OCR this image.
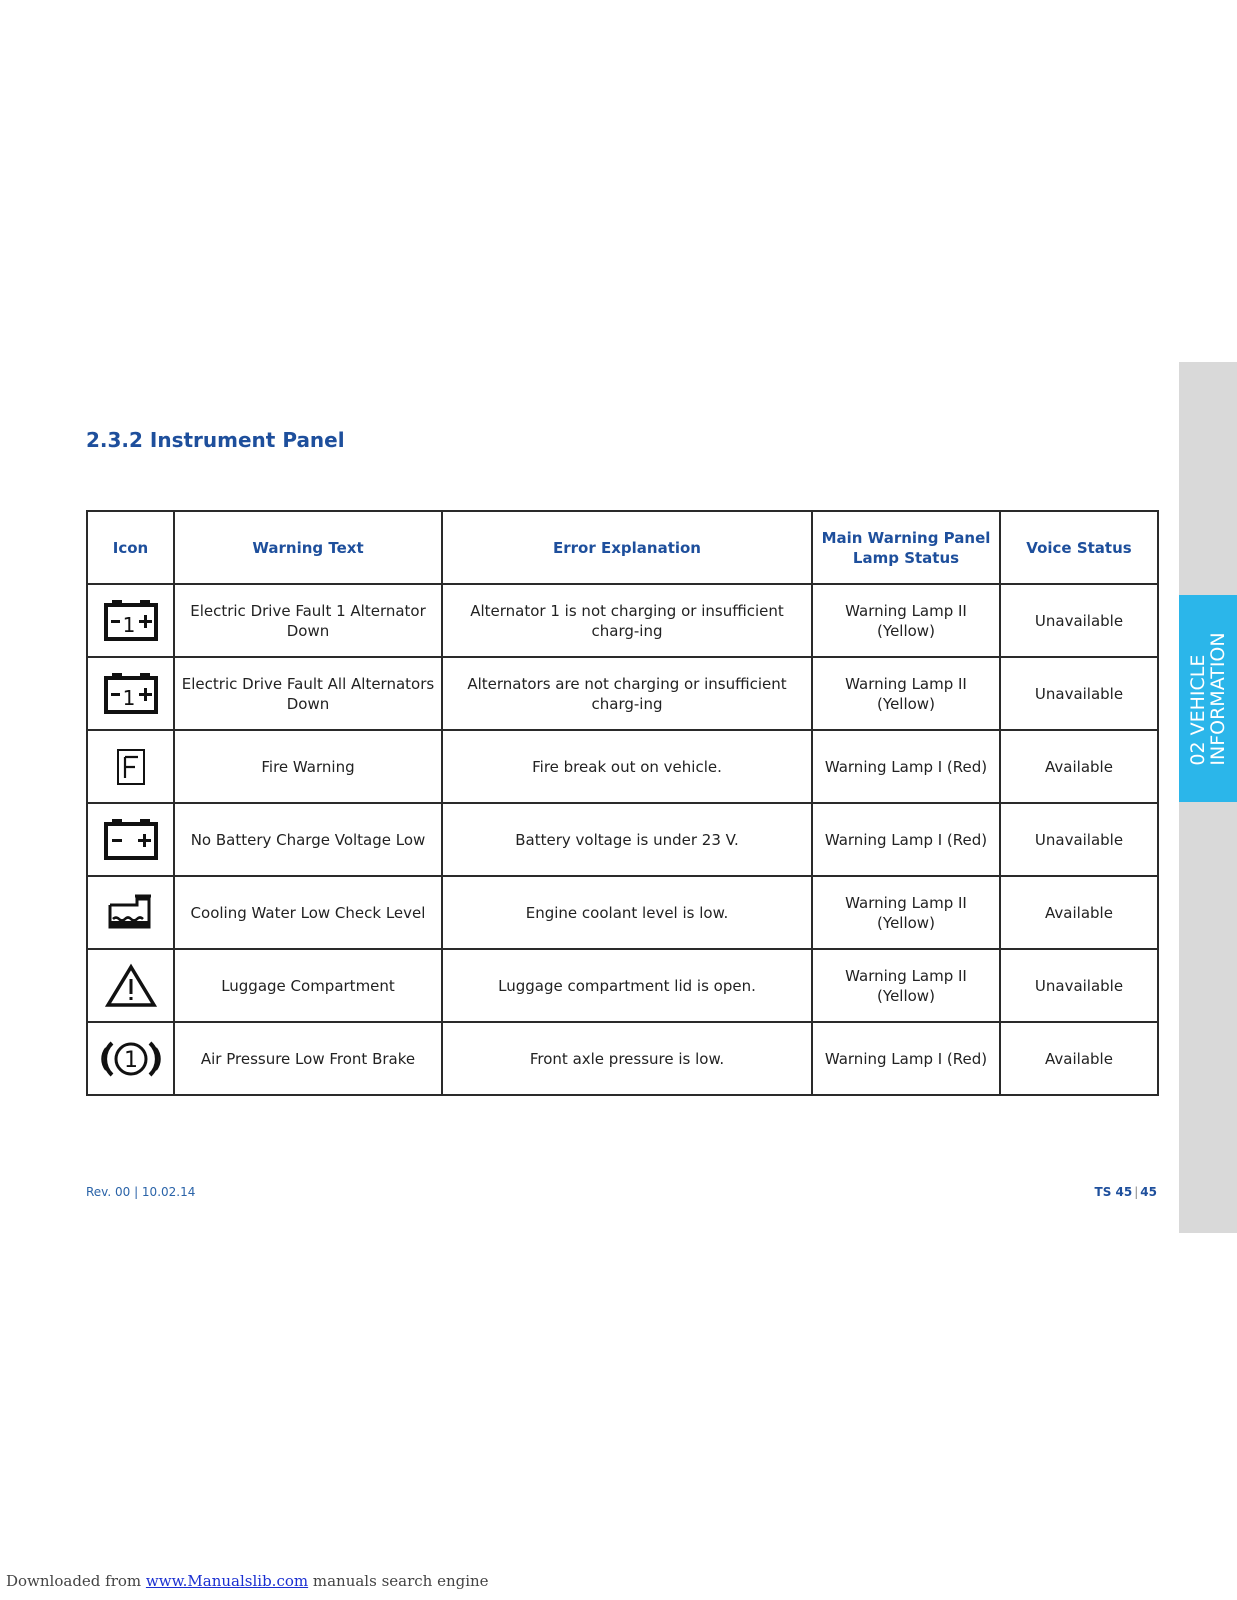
02 VEHICLE
INFORMATION
2.3.2 Instrument Panel
Icon	Warning Text	Error Explanation	Main Warning Panel Lamp Status	Voice Status

1	Electric Drive Fault 1 Alternator Down	Alternator 1 is not charging or insufficient charg-ing	Warning Lamp II (Yellow)	Unavailable

1	Electric Drive Fault All Alternators Down	Alternators are not charging or insufficient charg-ing	Warning Lamp II (Yellow)	Unavailable

	Fire Warning	Fire break out on vehicle.	Warning Lamp I (Red)	Available

	No Battery Charge Voltage Low	Battery voltage is under 23 V.	Warning Lamp I (Red)	Unavailable

	Cooling Water Low Check Level	Engine coolant level is low.	Warning Lamp II (Yellow)	Available

	Luggage Compartment	Luggage compartment lid is open.	Warning Lamp II (Yellow)	Unavailable

1	Air Pressure Low Front Brake	Front axle pressure is low.	Warning Lamp I (Red)	Available
Rev. 00 | 10.02.14	TS 45 | 45
Downloaded from www.Manualslib.com manuals search engine
